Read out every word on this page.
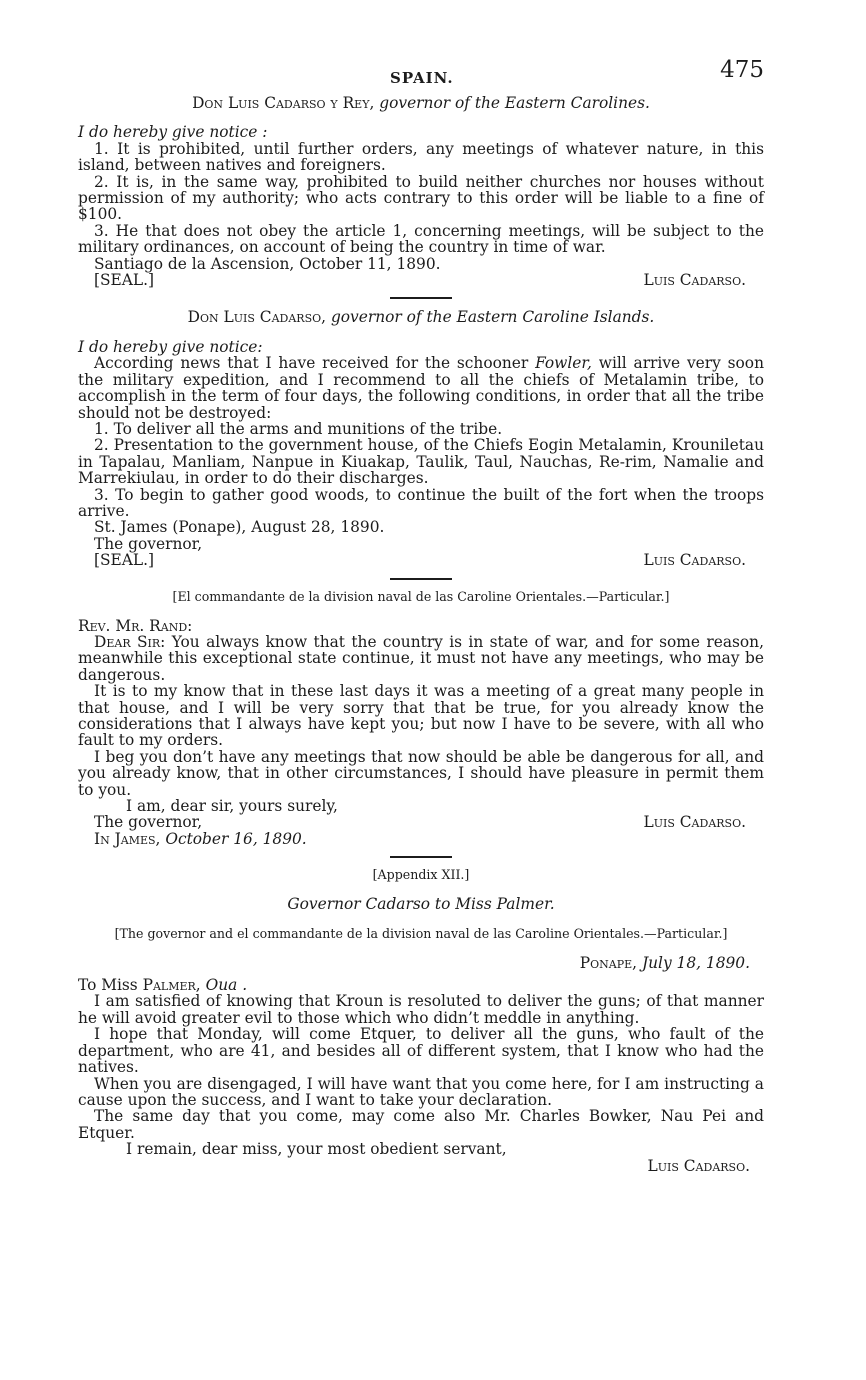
SPAIN.	475

Don Luis Cadarso y Rey, governor of the Eastern Carolines.

I do hereby give notice :

1. It is prohibited, until further orders, any meetings of whatever nature, in this island, between natives and foreigners.

2. It is, in the same way, prohibited to build neither churches nor houses without permission of my authority; who acts contrary to this order will be liable to a fine of $100.

3. He that does not obey the article 1, concerning meetings, will be subject to the military ordinances, on account of being the country in time of war.

Santiago de la Ascension, October 11, 1890.

[SEAL.]	Luis Cadarso.

Don Luis Cadarso, governor of the Eastern Caroline Islands.

I do hereby give notice:

According news that I have received for the schooner Fowler, will arrive very soon the military expedition, and I recommend to all the chiefs of Metalamin tribe, to accomplish in the term of four days, the following conditions, in order that all the tribe should not be destroyed:

1. To deliver all the arms and munitions of the tribe.

2. Presentation to the government house, of the Chiefs Eogin Metalamin, Krouniletau in Tapalau, Manliam, Nanpue in Kiuakap, Taulik, Taul, Nauchas, Re-rim, Namalie and Marrekiulau, in order to do their discharges.

3. To begin to gather good woods, to continue the built of the fort when the troops arrive.

St. James (Ponape), August 28, 1890.

The governor,

[SEAL.]	Luis Cadarso.

[El commandante de la division naval de las Caroline Orientales.—Particular.]

Rev. Mr. Rand:

Dear Sir: You always know that the country is in state of war, and for some reason, meanwhile this exceptional state continue, it must not have any meetings, who may be dangerous.

It is to my know that in these last days it was a meeting of a great many people in that house, and I will be very sorry that that be true, for you already know the considerations that I always have kept you; but now I have to be severe, with all who fault to my orders.

I beg you don’t have any meetings that now should be able be dangerous for all, and you already know, that in other circumstances, I should have pleasure in permit them to you.

I am, dear sir, yours surely,

The governor,	Luis Cadarso.

In James, October 16, 1890.

[Appendix XII.]

Governor Cadarso to Miss Palmer.

[The governor and el commandante de la division naval de las Caroline Orientales.—Particular.]

Ponape, July 18, 1890.

To Miss Palmer, Oua .

I am satisfied of knowing that Kroun is resoluted to deliver the guns; of that manner he will avoid greater evil to those which who didn’t meddle in anything.

I hope that Monday, will come Etquer, to deliver all the guns, who fault of the department, who are 41, and besides all of different system, that I know who had the natives.

When you are disengaged, I will have want that you come here, for I am instructing a cause upon the success, and I want to take your declaration.

The same day that you come, may come also Mr. Charles Bowker, Nau Pei and Etquer.

I remain, dear miss, your most obedient servant,

Luis Cadarso.
